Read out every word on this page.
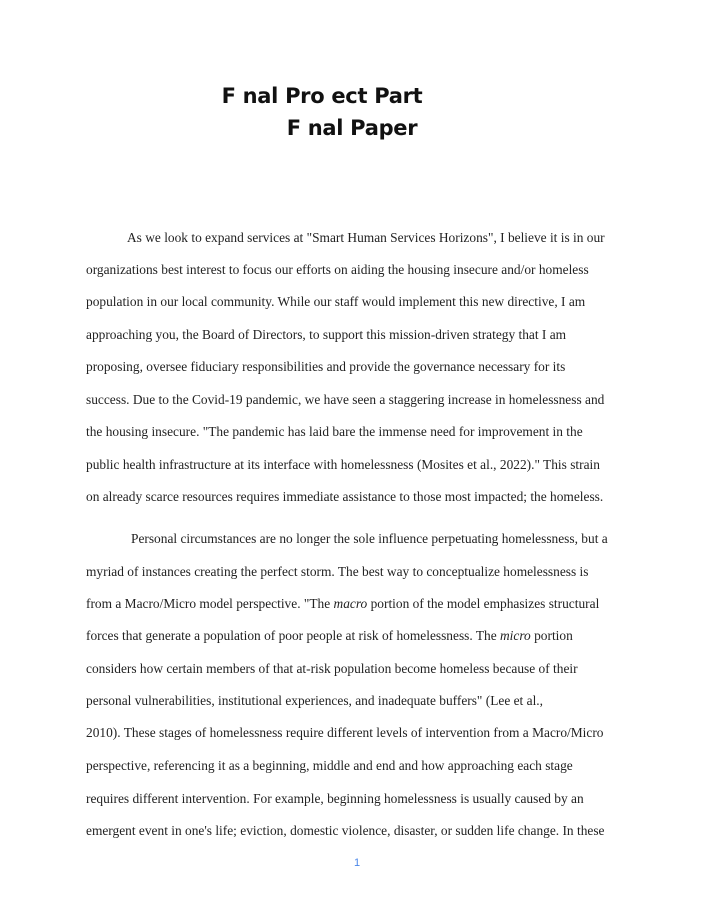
F nal Pro ect Part
F nal Paper
As we look to expand services at "Smart Human Services Horizons", I believe it is in our
organizations best interest to focus our efforts on aiding the housing insecure and/or homeless
population in our local community. While our staff would implement this new directive, I am
approaching you, the Board of Directors, to support this mission-driven strategy that I am
proposing, oversee fiduciary responsibilities and provide the governance necessary for its
success. Due to the Covid-19 pandemic, we have seen a staggering increase in homelessness and
the housing insecure. "The pandemic has laid bare the immense need for improvement in the
public health infrastructure at its interface with homelessness (Mosites et al., 2022)." This strain
on already scarce resources requires immediate assistance to those most impacted; the homeless.
Personal circumstances are no longer the sole influence perpetuating homelessness, but a
myriad of instances creating the perfect storm. The best way to conceptualize homelessness is
from a Macro/Micro model perspective. "The macro portion of the model emphasizes structural
forces that generate a population of poor people at risk of homelessness. The micro portion
considers how certain members of that at-risk population become homeless because of their
personal vulnerabilities, institutional experiences, and inadequate buffers" (Lee et al.,
2010). These stages of homelessness require different levels of intervention from a Macro/Micro
perspective, referencing it as a beginning, middle and end and how approaching each stage
requires different intervention. For example, beginning homelessness is usually caused by an
emergent event in one's life; eviction, domestic violence, disaster, or sudden life change. In these
1
